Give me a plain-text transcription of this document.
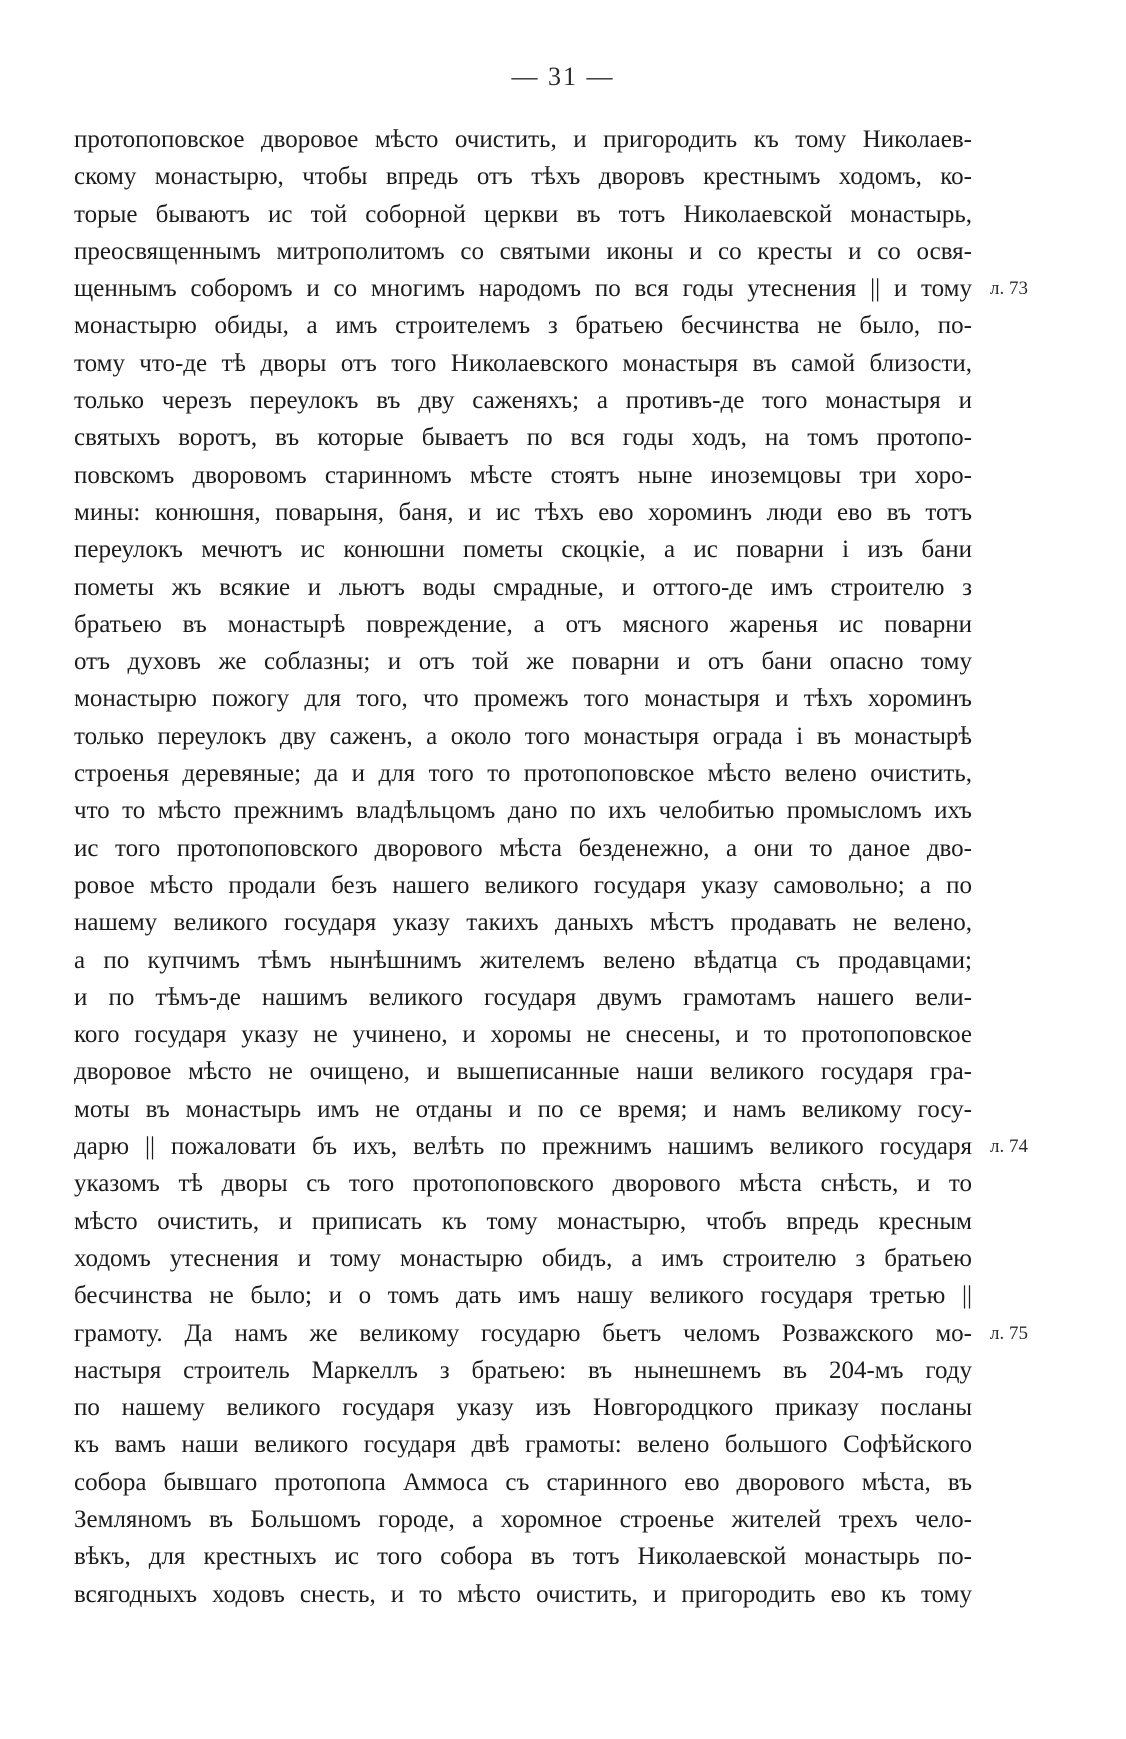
— 31 —
протопоповское дворовое мѣсто очистить, и пригородить къ тому Николаев-
скому монастырю, чтобы впредь отъ тѣхъ дворовъ крестнымъ ходомъ, ко-
торые бываютъ ис той соборной церкви въ тотъ Николаевской монастырь,
преосвященнымъ митрополитомъ со святыми иконы и со кресты и со освя-
щеннымъ соборомъ и со многимъ народомъ по вся годы утеснения || и тому
монастырю обиды, а имъ строителемъ з братьею бесчинства не было, по-
тому что-де тѣ дворы отъ того Николаевского монастыря въ самой близости,
только черезъ переулокъ въ дву саженяхъ; а противъ-де того монастыря и
святыхъ воротъ, въ которые бываетъ по вся годы ходъ, на томъ протопо-
повскомъ дворовомъ старинномъ мѣсте стоятъ ныне иноземцовы три хоро-
мины: конюшня, поварыня, баня, и ис тѣхъ ево хороминъ люди ево въ тотъ
переулокъ мечютъ ис конюшни пометы скоцкіе, а ис поварни і изъ бани
пометы жъ всякие и льютъ воды смрадные, и оттого-де имъ строителю з
братьею въ монастырѣ повреждение, а отъ мясного жаренья ис поварни
отъ духовъ же соблазны; и отъ той же поварни и отъ бани опасно тому
монастырю пожогу для того, что промежъ того монастыря и тѣхъ хороминъ
только переулокъ дву саженъ, а около того монастыря ограда і въ монастырѣ
строенья деревяные; да и для того то протопоповское мѣсто велено очистить,
что то мѣсто прежнимъ владѣльцомъ дано по ихъ челобитью промысломъ ихъ
ис того протопоповского дворового мѣста безденежно, а они то даное дво-
ровое мѣсто продали безъ нашего великого государя указу самовольно; а по
нашему великого государя указу такихъ даныхъ мѣстъ продавать не велено,
а по купчимъ тѣмъ нынѣшнимъ жителемъ велено вѣдатца съ продавцами;
и по тѣмъ-де нашимъ великого государя двумъ грамотамъ нашего вели-
кого государя указу не учинено, и хоромы не снесены, и то протопоповское
дворовое мѣсто не очищено, и вышеписанные наши великого государя гра-
моты въ монастырь имъ не отданы и по се время; и намъ великому госу-
дарю || пожаловати бъ ихъ, велѣть по прежнимъ нашимъ великого государя
указомъ тѣ дворы съ того протопоповского дворового мѣста снѣсть, и то
мѣсто очистить, и приписать къ тому монастырю, чтобъ впредь кресным
ходомъ утеснения и тому монастырю обидъ, а имъ строителю з братьею
бесчинства не было; и о томъ дать имъ нашу великого государя третью ||
грамоту. Да намъ же великому государю бьетъ челомъ Розважского мо-
настыря строитель Маркеллъ з братьею: въ нынешнемъ въ 204-мъ году
по нашему великого государя указу изъ Новгородцкого приказу посланы
къ вамъ наши великого государя двѣ грамоты: велено большого Софѣйского
собора бывшаго протопопа Аммоса съ старинного ево дворового мѣста, въ
Земляномъ въ Большомъ городе, а хоромное строенье жителей трехъ чело-
вѣкъ, для крестныхъ ис того собора въ тотъ Николаевской монастырь по-
всягодныхъ ходовъ снесть, и то мѣсто очистить, и пригородить ево къ тому
л. 73
л. 74
л. 75
